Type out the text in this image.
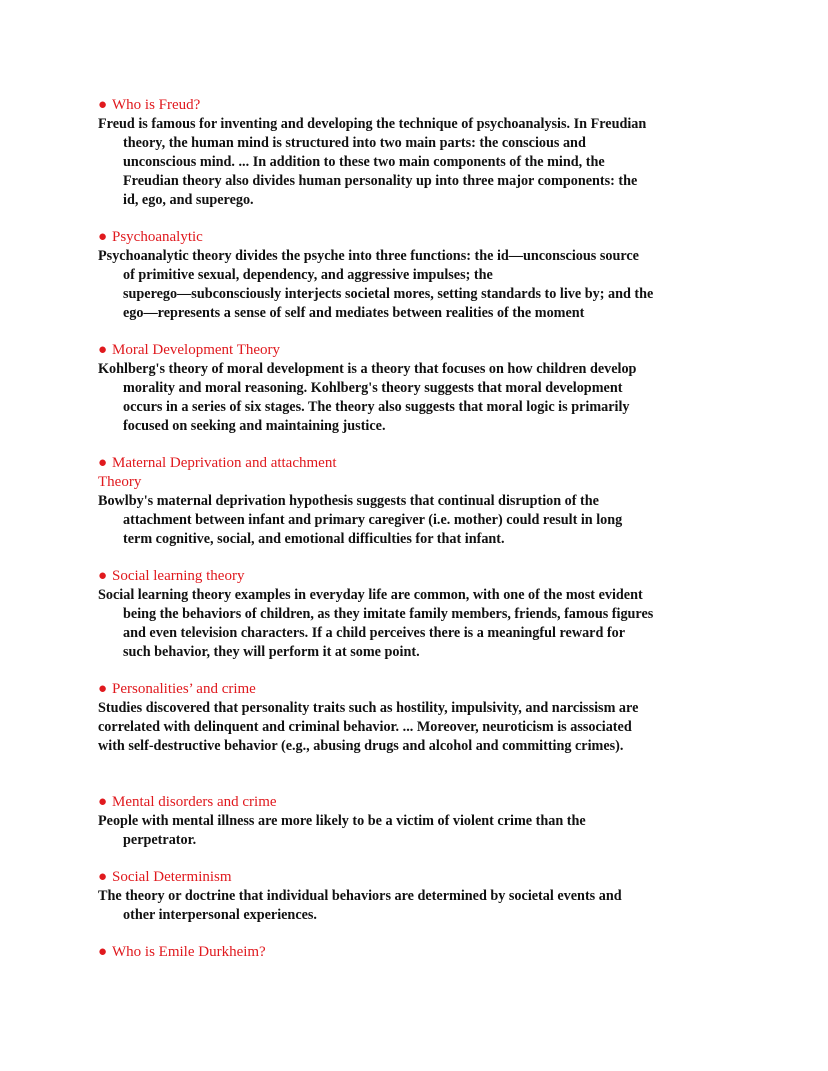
● Who is Freud?

Freud is famous for inventing and developing the technique of psychoanalysis. In Freudian
theory, the human mind is structured into two main parts: the conscious and
unconscious mind. ... In addition to these two main components of the mind, the
Freudian theory also divides human personality up into three major components: the
id, ego, and superego.

● Psychoanalytic

Psychoanalytic theory divides the psyche into three functions: the id—unconscious source
of primitive sexual, dependency, and aggressive impulses; the
superego—subconsciously interjects societal mores, setting standards to live by; and the
ego—represents a sense of self and mediates between realities of the moment

● Moral Development Theory

Kohlberg's theory of moral development is a theory that focuses on how children develop
morality and moral reasoning. Kohlberg's theory suggests that moral development
occurs in a series of six stages. The theory also suggests that moral logic is primarily
focused on seeking and maintaining justice.

● Maternal Deprivation and attachment
Theory

Bowlby's maternal deprivation hypothesis suggests that continual disruption of the
attachment between infant and primary caregiver (i.e. mother) could result in long
term cognitive, social, and emotional difficulties for that infant.

● Social learning theory

Social learning theory examples in everyday life are common, with one of the most evident
being the behaviors of children, as they imitate family members, friends, famous figures
and even television characters. If a child perceives there is a meaningful reward for
such behavior, they will perform it at some point.

● Personalities’ and crime

Studies discovered that personality traits such as hostility, impulsivity, and narcissism are
correlated with delinquent and criminal behavior. ... Moreover, neuroticism is associated
with self-destructive behavior (e.g., abusing drugs and alcohol and committing crimes).

● Mental disorders and crime

People with mental illness are more likely to be a victim of violent crime than the
perpetrator.

● Social Determinism

The theory or doctrine that individual behaviors are determined by societal events and
other interpersonal experiences.

● Who is Emile Durkheim?
